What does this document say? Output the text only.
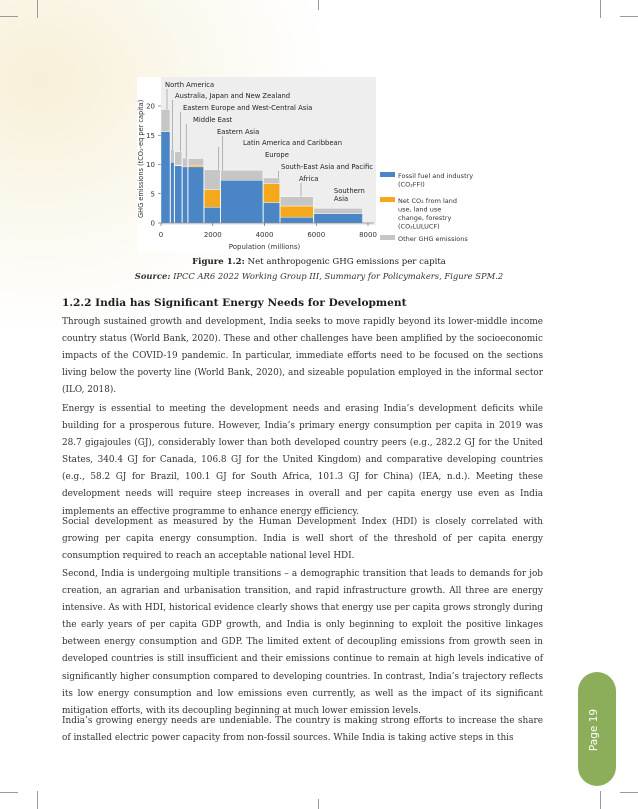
0
5
10
15
20
0	2000	4000	6000	8000
Population (millions)
GHG emissions (tCO₂-eq per capita)
North America
Australia, Japan and New Zealand
Eastern Europe and West-Central Asia
Middle East
Eastern Asia
Latin America and Caribbean
Europe
South-East Asia and Pacific
Africa
Southern
Asia
Fossil fuel and industry
(CO₂FFI)
Net CO₂ from land
use, land use
change, forestry
(CO₂LULUCF)
Other GHG emissions
Figure 1.2: Net anthropogenic GHG emissions per capita
Source: IPCC AR6 2022 Working Group III, Summary for Policymakers, Figure SPM.2
1.2.2 India has Significant Energy Needs for Development

Through sustained growth and development, India seeks to move rapidly beyond its lower-middle income country status (World Bank, 2020). These and other challenges have been amplified by the socioeconomic impacts of the COVID-19 pandemic. In particular, immediate efforts need to be focused on the sections living below the poverty line (World Bank, 2020), and sizeable population employed in the informal sector (ILO, 2018).

Energy is essential to meeting the development needs and erasing India’s development deficits while building for a prosperous future. However, India’s primary energy consumption per capita in 2019 was 28.7 gigajoules (GJ), considerably lower than both developed country peers (e.g., 282.2 GJ for the United States, 340.4 GJ for Canada, 106.8 GJ for the United Kingdom) and comparative developing countries (e.g., 58.2 GJ for Brazil, 100.1 GJ for South Africa, 101.3 GJ for China) (IEA, n.d.). Meeting these development needs will require steep increases in overall and per capita energy use even as India implements an effective programme to enhance energy efficiency.

Social development as measured by the Human Development Index (HDI) is closely correlated with growing per capita energy consumption. India is well short of the threshold of per capita energy consumption required to reach an acceptable national level HDI.

Second, India is undergoing multiple transitions – a demographic transition that leads to demands for job creation, an agrarian and urbanisation transition, and rapid infrastructure growth. All three are energy intensive. As with HDI, historical evidence clearly shows that energy use per capita grows strongly during the early years of per capita GDP growth, and India is only beginning to exploit the positive linkages between energy consumption and GDP. The limited extent of decoupling emissions from growth seen in developed countries is still insufficient and their emissions continue to remain at high levels indicative of significantly higher consumption compared to developing countries. In contrast, India’s trajectory reflects its low energy consumption and low emissions even currently, as well as the impact of its significant mitigation efforts, with its decoupling beginning at much lower emission levels.

India’s growing energy needs are undeniable. The country is making strong efforts to increase the share of installed electric power capacity from non-fossil sources. While India is taking active steps in this	Page 19
